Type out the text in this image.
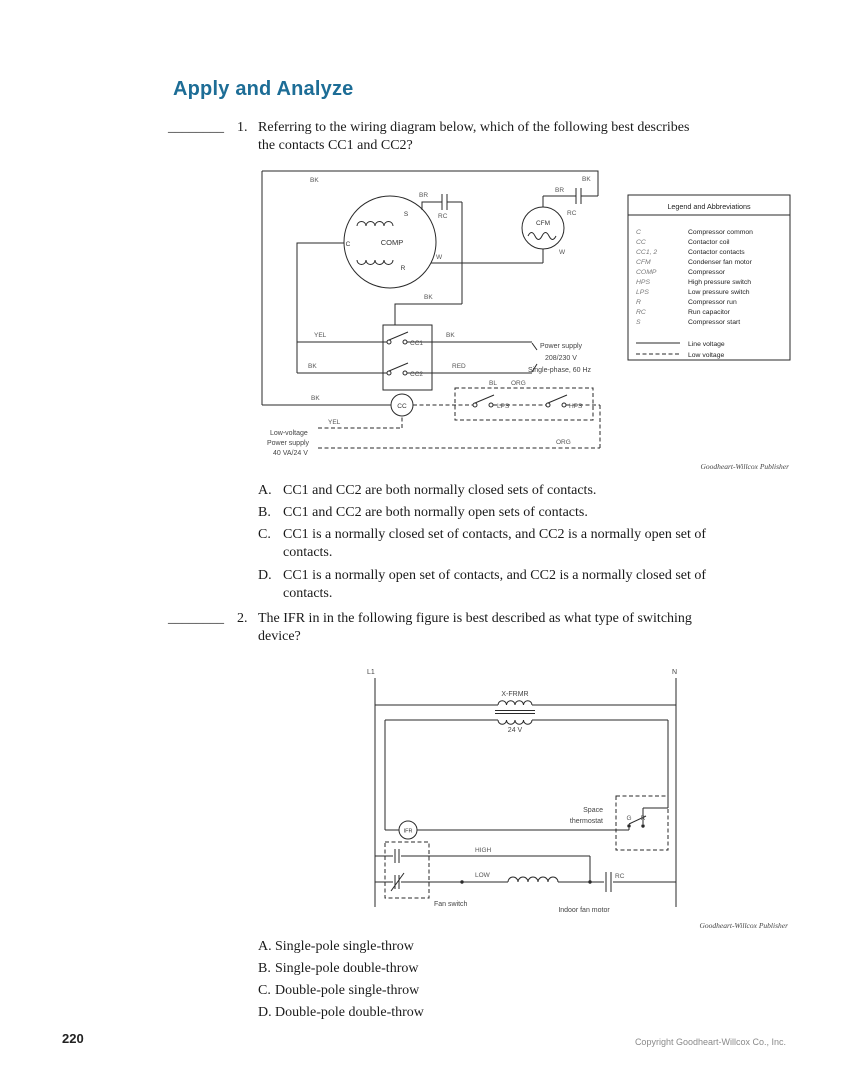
Apply and Analyze
________ 1. Referring to the wiring diagram below, which of the following best describes
the contacts CC1 and CC2?
COMP
S
C
R
CFM
CC1
CC2
CC	LPS	HPS
BK	BK
BK
BK
BK
BK
BR
BR
RC	RC
YEL
YEL
RED
BL ORG
ORG
W
W
Power supply
208/230 V
Single-phase, 60 Hz
Low-voltage
Power supply
40 VA/24 V
Legend and Abbreviations
C	Compressor common
CC	Contactor coil
CC1, 2	Contactor contacts
CFM	Condenser fan motor
COMP	Compressor
HPS	High pressure switch
LPS	Low pressure switch
R	Compressor run
RC	Run capacitor
S	Compressor start
Line voltage
Low voltage
Goodheart-Willcox Publisher
A. CC1 and CC2 are both normally closed sets of contacts.
B. CC1 and CC2 are both normally open sets of contacts.
C. CC1 is a normally closed set of contacts, and CC2 is a normally open set of
contacts.
D. CC1 is a normally open set of contacts, and CC2 is a normally closed set of
contacts.
________ 2. The IFR in in the following figure is best described as what type of switching
device?
L1	N
X-FRMR
24 V
IFR
G R
Space
thermostat
HIGH
LOW
Fan switch
RC
Indoor fan motor
Goodheart-Willcox Publisher
A. Single-pole single-throw
B. Single-pole double-throw
C. Double-pole single-throw
D. Double-pole double-throw
220	Copyright Goodheart-Willcox Co., Inc.
